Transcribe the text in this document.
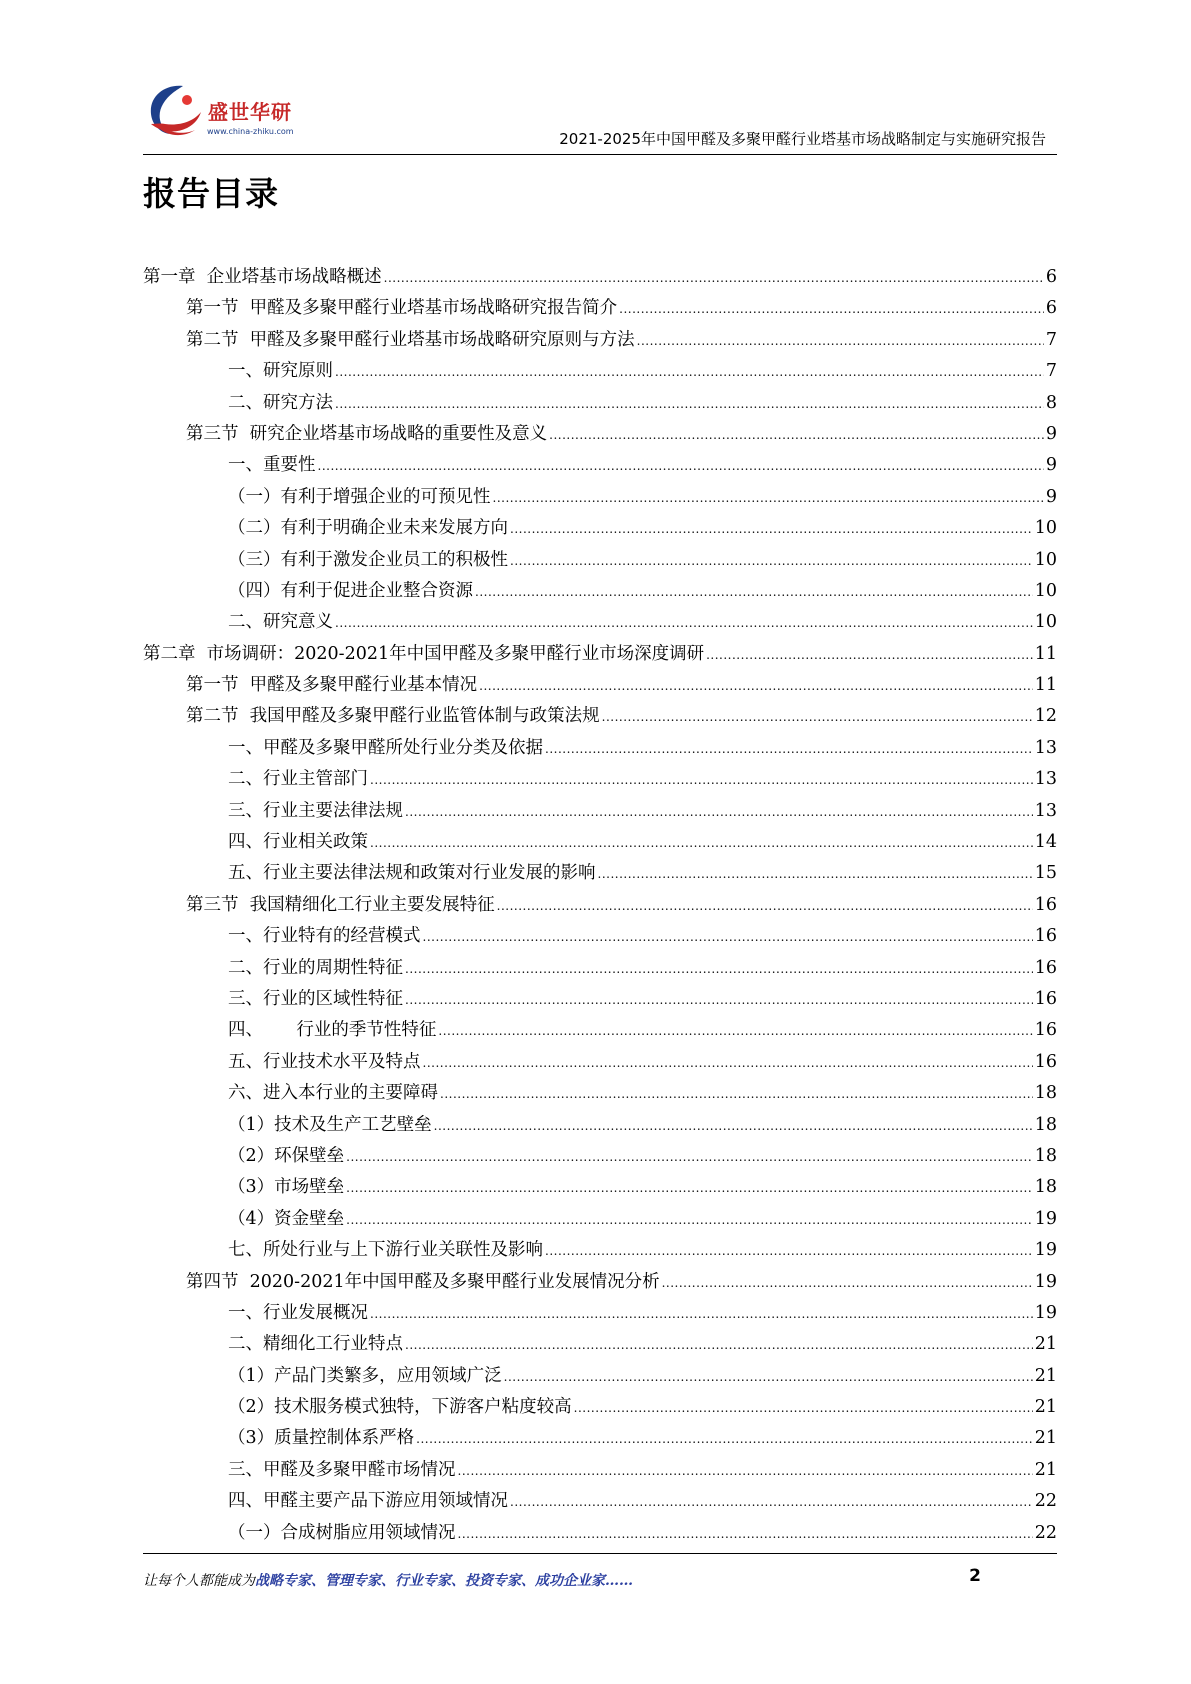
盛世华研
www.china-zhiku.com	2021-2025年中国甲醛及多聚甲醛行业塔基市场战略制定与实施研究报告
报告目录
第一章  企业塔基市场战略概述 .....	6
第一节  甲醛及多聚甲醛行业塔基市场战略研究报告简介 .....	6
第二节  甲醛及多聚甲醛行业塔基市场战略研究原则与方法 .....	7
一、研究原则 .....	7
二、研究方法 .....	8
第三节  研究企业塔基市场战略的重要性及意义 .....	9
一、重要性 .....	9
（一）有利于增强企业的可预见性 .....	9
（二）有利于明确企业未来发展方向 .....	10
（三）有利于激发企业员工的积极性 .....	10
（四）有利于促进企业整合资源 .....	10
二、研究意义 .....	10
第二章  市场调研：2020-2021年中国甲醛及多聚甲醛行业市场深度调研 .....	11
第一节  甲醛及多聚甲醛行业基本情况 .....	11
第二节  我国甲醛及多聚甲醛行业监管体制与政策法规 .....	12
一、甲醛及多聚甲醛所处行业分类及依据 .....	13
二、行业主管部门 .....	13
三、行业主要法律法规 .....	13
四、行业相关政策 .....	14
五、行业主要法律法规和政策对行业发展的影响 .....	15
第三节  我国精细化工行业主要发展特征 .....	16
一、行业特有的经营模式 .....	16
二、行业的周期性特征 .....	16
三、行业的区域性特征 .....	16
四、      行业的季节性特征 .....	16
五、行业技术水平及特点 .....	16
六、进入本行业的主要障碍 .....	18
（1）技术及生产工艺壁垒 .....	18
（2）环保壁垒 .....	18
（3）市场壁垒 .....	18
（4）资金壁垒 .....	19
七、所处行业与上下游行业关联性及影响 .....	19
第四节  2020-2021年中国甲醛及多聚甲醛行业发展情况分析 .....	19
一、行业发展概况 .....	19
二、精细化工行业特点 .....	21
（1）产品门类繁多，应用领域广泛 .....	21
（2）技术服务模式独特，下游客户粘度较高 .....	21
（3）质量控制体系严格 .....	21
三、甲醛及多聚甲醛市场情况 .....	21
四、甲醛主要产品下游应用领域情况 .....	22
（一）合成树脂应用领域情况 .....	22
让每个人都能成为战略专家、管理专家、行业专家、投资专家、成功企业家……	2
